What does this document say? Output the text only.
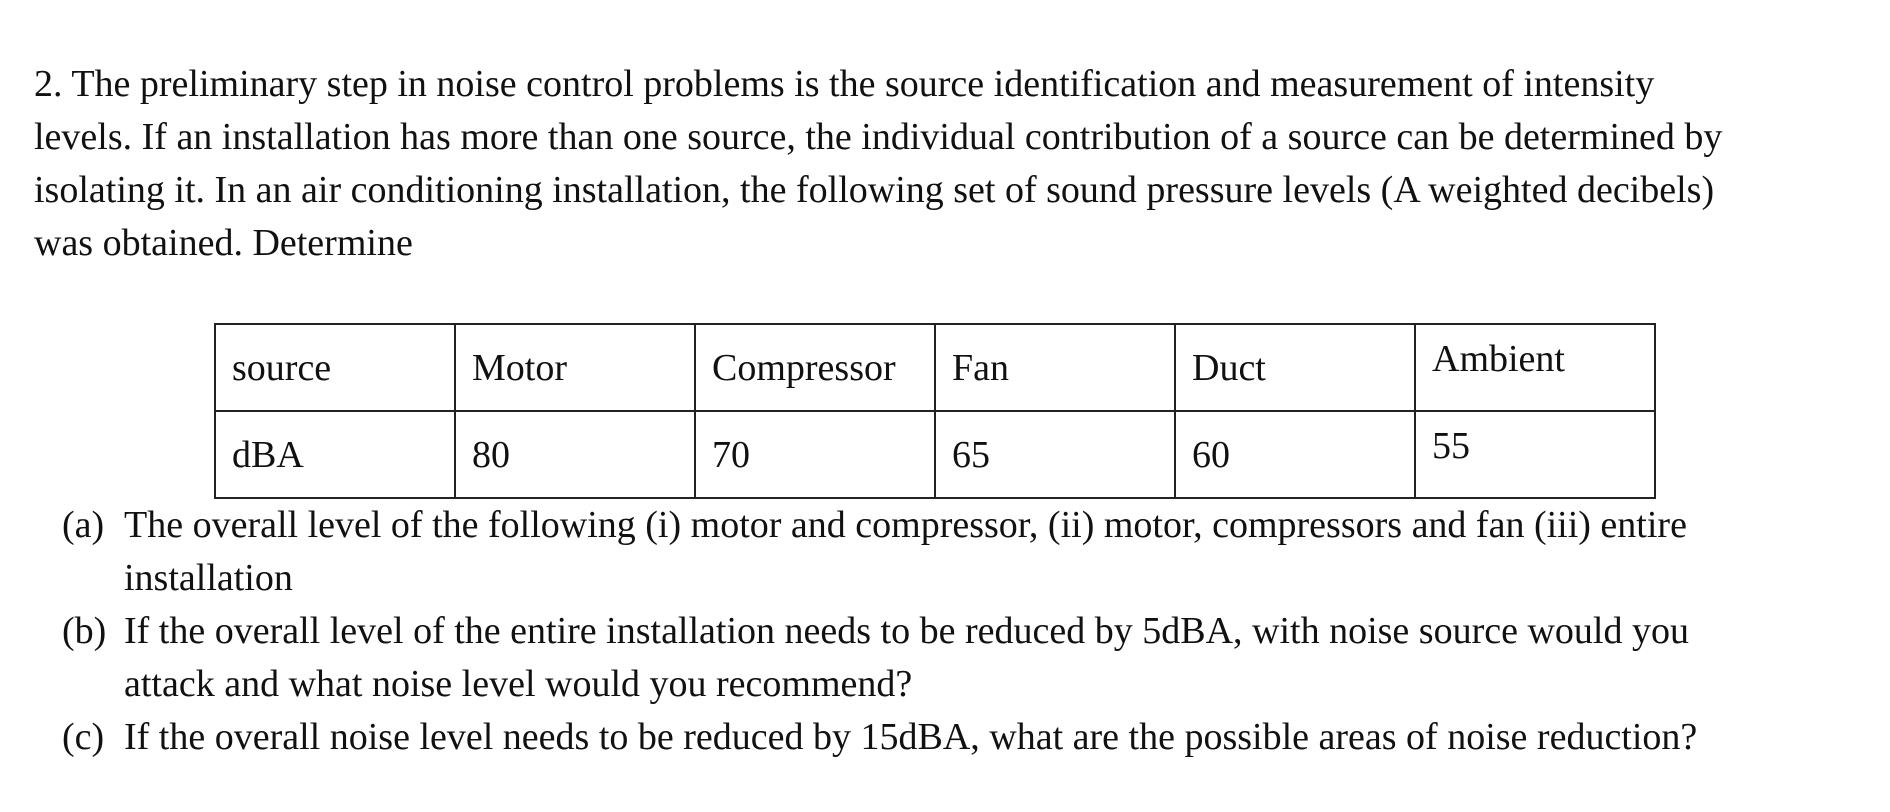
2. The preliminary step in noise control problems is the source identification and measurement of intensity
levels. If an installation has more than one source, the individual contribution of a source can be determined by
isolating it. In an air conditioning installation, the following set of sound pressure levels (A weighted decibels)
was obtained. Determine

source	Motor	Compressor	Fan	Duct	Ambient
dBA	80	70	65	60	55
(a) The overall level of the following (i) motor and compressor, (ii) motor, compressors and fan (iii) entire
installation
(b) If the overall level of the entire installation needs to be reduced by 5dBA, with noise source would you
attack and what noise level would you recommend?
(c) If the overall noise level needs to be reduced by 15dBA, what are the possible areas of noise reduction?
